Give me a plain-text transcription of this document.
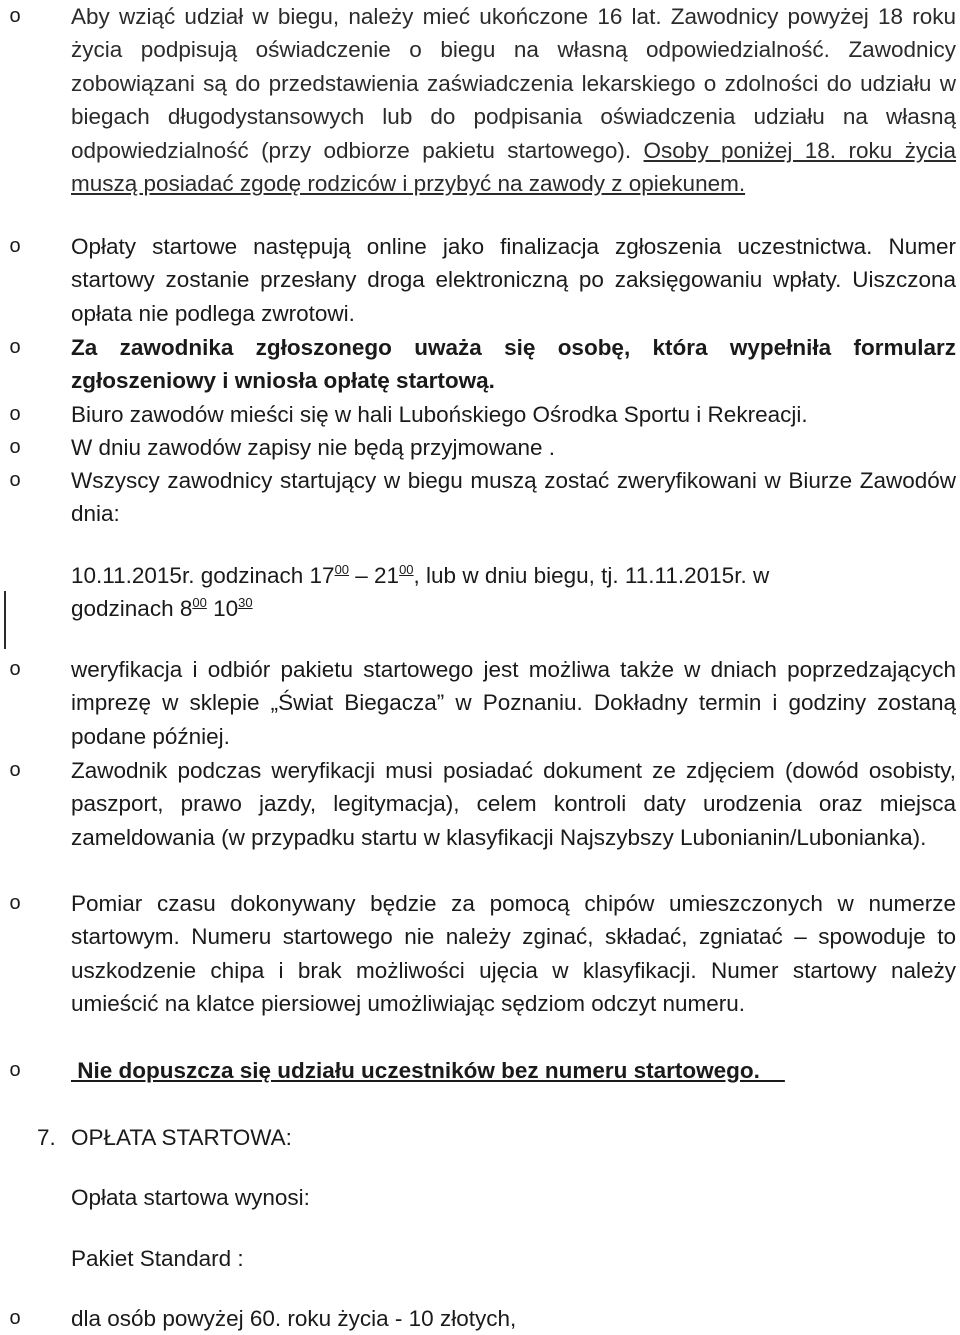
o Aby wziąć udział w biegu, należy mieć ukończone 16 lat. Zawodnicy powyżej 18 roku życia podpisują oświadczenie o biegu na własną odpowiedzialność. Zawodnicy zobowiązani są do przedstawienia zaświadczenia lekarskiego o zdolności do udziału w biegach długodystansowych lub do podpisania oświadczenia udziału na własną odpowiedzialność (przy odbiorze pakietu startowego). Osoby poniżej 18. roku życia muszą posiadać zgodę rodziców i przybyć na zawody z opiekunem.
o Opłaty startowe następują online jako finalizacja zgłoszenia uczestnictwa. Numer startowy zostanie przesłany droga elektroniczną po zaksięgowaniu wpłaty. Uiszczona opłata nie podlega zwrotowi.
o Za zawodnika zgłoszonego uważa się osobę, która wypełniła formularz zgłoszeniowy i wniosła opłatę startową.
o Biuro zawodów mieści się w hali Lubońskiego Ośrodka Sportu i Rekreacji.
o W dniu zawodów zapisy nie będą przyjmowane .
o Wszyscy zawodnicy startujący w biegu muszą zostać zweryfikowani w Biurze Zawodów dnia:
10.11.2015r. godzinach $17^{00} - 21^{00}$, lub w dniu biegu, tj. 11.11.2015r. w
godzinach $8^{00}$ $10^{30}$
o weryfikacja i odbiór pakietu startowego jest możliwa także w dniach poprzedzających imprezę w sklepie „Świat Biegacza” w Poznaniu. Dokładny termin i godziny zostaną podane później.
o Zawodnik podczas weryfikacji musi posiadać dokument ze zdjęciem (dowód osobisty, paszport, prawo jazdy, legitymacja), celem kontroli daty urodzenia oraz miejsca zameldowania (w przypadku startu w klasyfikacji Najszybszy Lubonianin/Lubonianka).
o Pomiar czasu dokonywany będzie za pomocą chipów umieszczonych w numerze startowym. Numeru startowego nie należy zginać, składać, zgniatać – spowoduje to uszkodzenie chipa i brak możliwości ujęcia w klasyfikacji. Numer startowy należy umieścić na klatce piersiowej umożliwiając sędziom odczyt numeru.
o Nie dopuszcza się udziału uczestników bez numeru startowego.
7. OPŁATA STARTOWA:
Opłata startowa wynosi:
Pakiet Standard :
o dla osób powyżej 60. roku życia - 10 złotych,
